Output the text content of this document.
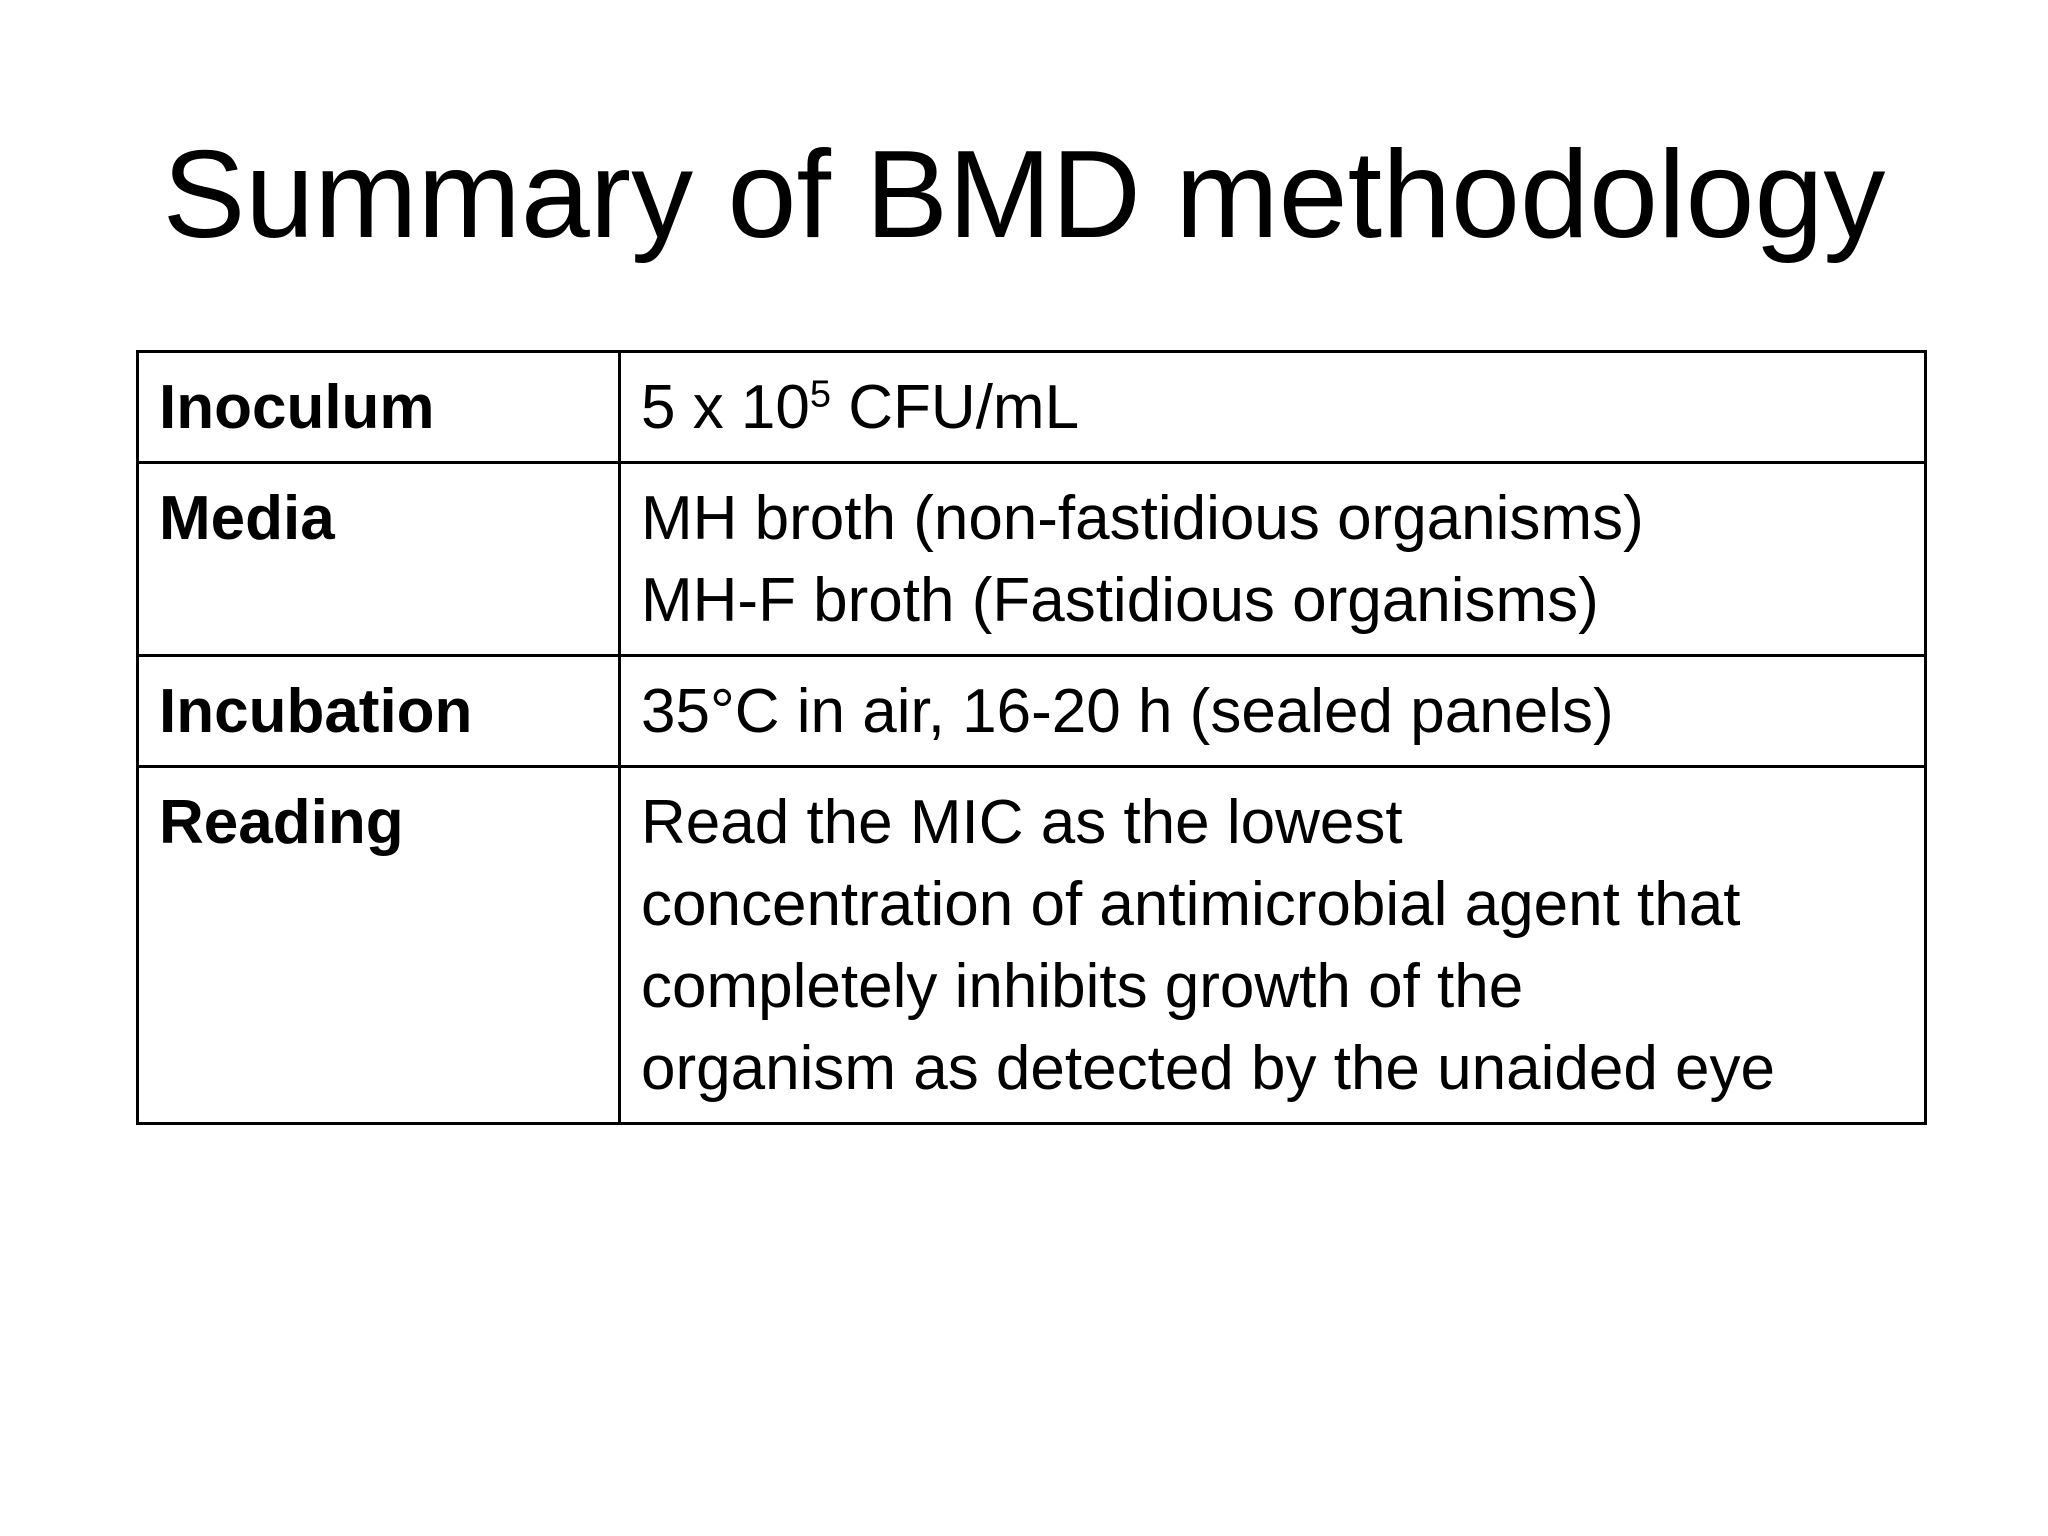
Summary of BMD methodology
Inoculum	5 x $10^5$ CFU/mL

Media	MH broth (non-fastidious organisms)
MH-F broth (Fastidious organisms)

Incubation	35°C in air, 16-20 h (sealed panels)

Reading	Read the MIC as the lowest
concentration of antimicrobial agent that
completely inhibits growth of the
organism as detected by the unaided eye
